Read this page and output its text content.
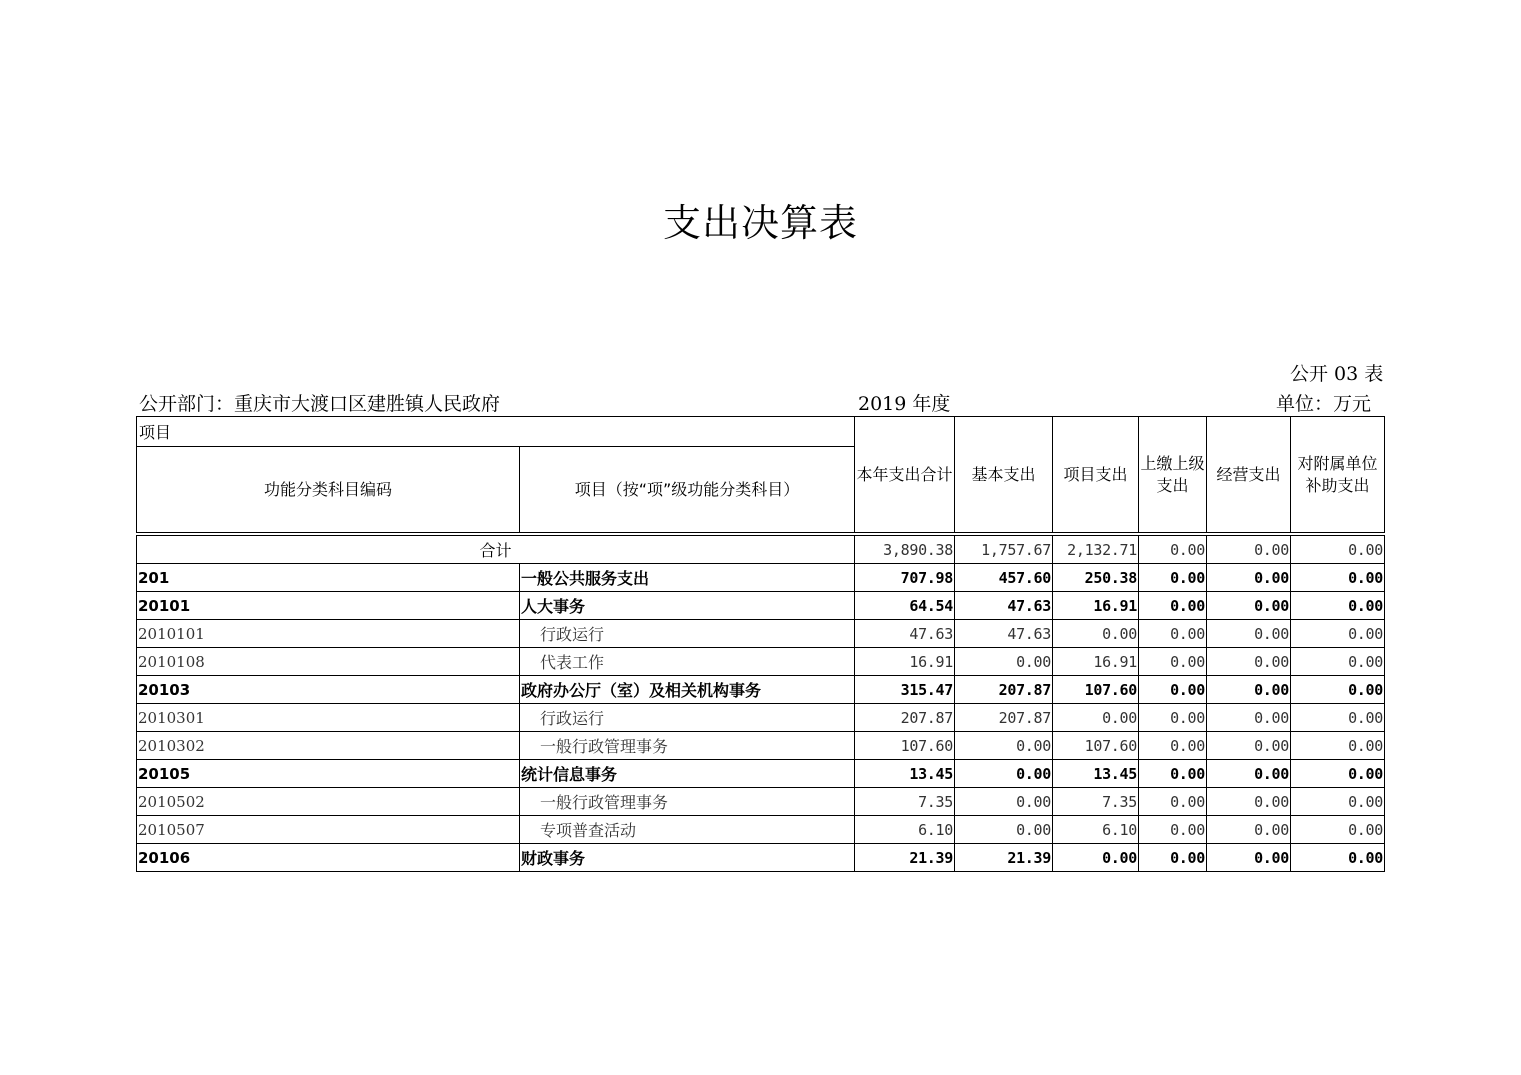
支出决算表
公开 03 表
公开部门：重庆市大渡口区建胜镇人民政府	2019 年度	单位：万元
项目		本年支出合计	基本支出	项目支出	上缴上级支出	经营支出	对附属单位补助支出
功能分类科目编码	项目（按“项”级功能分类科目）						

合计		3,890.38	1,757.67	2,132.71	0.00	0.00	0.00
201	一般公共服务支出	707.98	457.60	250.38	0.00	0.00	0.00
20101	人大事务	64.54	47.63	16.91	0.00	0.00	0.00
2010101	行政运行	47.63	47.63	0.00	0.00	0.00	0.00
2010108	代表工作	16.91	0.00	16.91	0.00	0.00	0.00
20103	政府办公厅（室）及相关机构事务	315.47	207.87	107.60	0.00	0.00	0.00
2010301	行政运行	207.87	207.87	0.00	0.00	0.00	0.00
2010302	一般行政管理事务	107.60	0.00	107.60	0.00	0.00	0.00
20105	统计信息事务	13.45	0.00	13.45	0.00	0.00	0.00
2010502	一般行政管理事务	7.35	0.00	7.35	0.00	0.00	0.00
2010507	专项普查活动	6.10	0.00	6.10	0.00	0.00	0.00
20106	财政事务	21.39	21.39	0.00	0.00	0.00	0.00
